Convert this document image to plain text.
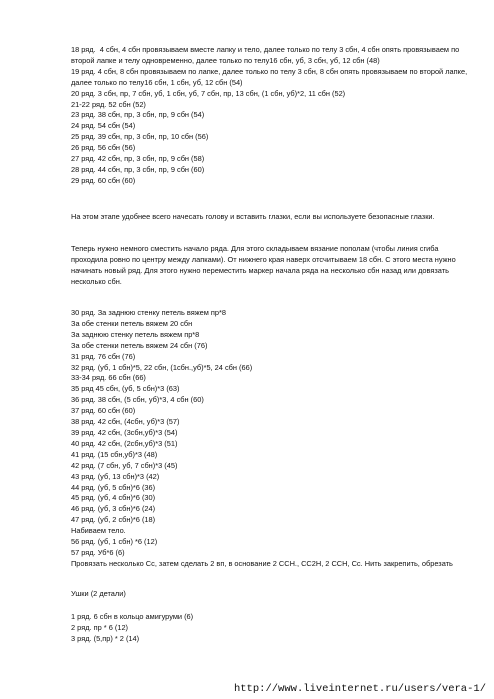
18 ряд.  4 сбн, 4 сбн провязываем вместе лапку и тело, далее только по телу 3 сбн, 4 сбн опять провязываем по второй лапке и телу одновременно, далее только по телу16 сбн, уб, 3 сбн, уб, 12 сбн (48)

19 ряд. 4 сбн, 8 сбн провязываем по лапке, далее только по телу 3 сбн, 8 сбн опять провязываем по второй лапке, далее только по телу16 сбн, 1 сбн, уб, 12 сбн (54)

20 ряд. 3 сбн, пр, 7 сбн, уб, 1 сбн, уб, 7 сбн, пр, 13 сбн, (1 сбн, уб)*2, 11 сбн (52)

21-22 ряд. 52 сбн (52)

23 ряд. 38 сбн, пр, 3 сбн, пр, 9 сбн (54)

24 ряд. 54 сбн (54)

25 ряд. 39 сбн, пр, 3 сбн, пр, 10 сбн (56)

26 ряд. 56 сбн (56)

27 ряд. 42 сбн, пр, 3 сбн, пр, 9 сбн (58)

28 ряд. 44 сбн, пр, 3 сбн, пр, 9 сбн (60)

29 ряд. 60 сбн (60)

На этом этапе удобнее всего начесать голову и вставить глазки, если вы используете безопасные глазки.

Теперь нужно немного сместить начало ряда. Для этого складываем вязание пополам (чтобы линия сгиба проходила ровно по центру между лапками). От нижнего края наверх отсчитываем 18 сбн. С этого места нужно начинать новый ряд. Для этого нужно переместить маркер начала ряда на несколько сбн назад или довязать несколько сбн.

30 ряд. За заднюю стенку петель вяжем пр*8

За обе стенки петель вяжем 20 сбн

За заднюю стенку петель вяжем пр*8

За обе стенки петель вяжем 24 сбн (76)

31 ряд. 76 сбн (76)

32 ряд. (уб, 1 сбн)*5, 22 сбн, (1сбн.,уб)*5, 24 сбн (66)

33-34 ряд. 66 сбн (66)

35 ряд 45 сбн, (уб, 5 сбн)*3 (63)

36 ряд. 38 сбн, (5 сбн, уб)*3, 4 сбн (60)

37 ряд. 60 сбн (60)

38 ряд. 42 сбн, (4сбн, уб)*3 (57)

39 ряд. 42 сбн, (3сбн,уб)*3 (54)

40 ряд. 42 сбн, (2сбн,уб)*3 (51)

41 ряд. (15 сбн,уб)*3 (48)

42 ряд. (7 сбн, уб, 7 сбн)*3 (45)

43 ряд. (уб, 13 сбн)*3 (42)

44 ряд. (уб, 5 сбн)*6 (36)

45 ряд. (уб, 4 сбн)*6 (30)

46 ряд. (уб, 3 сбн)*6 (24)

47 ряд. (уб, 2 сбн)*6 (18)

Набиваем тело.

56 ряд. (уб, 1 сбн) *6 (12)

57 ряд. Уб*6 (6)

Провязать несколько Сс, затем сделать 2 вп, в основание 2 ССН., СС2Н, 2 ССН, Сс. Нить закрепить, обрезать

Ушки (2 детали)

1 ряд. 6 сбн в кольцо амигуруми (6)

2 ряд. пр * 6 (12)

3 ряд. (5,пр) * 2 (14)

http://www.liveinternet.ru/users/vera-1/
